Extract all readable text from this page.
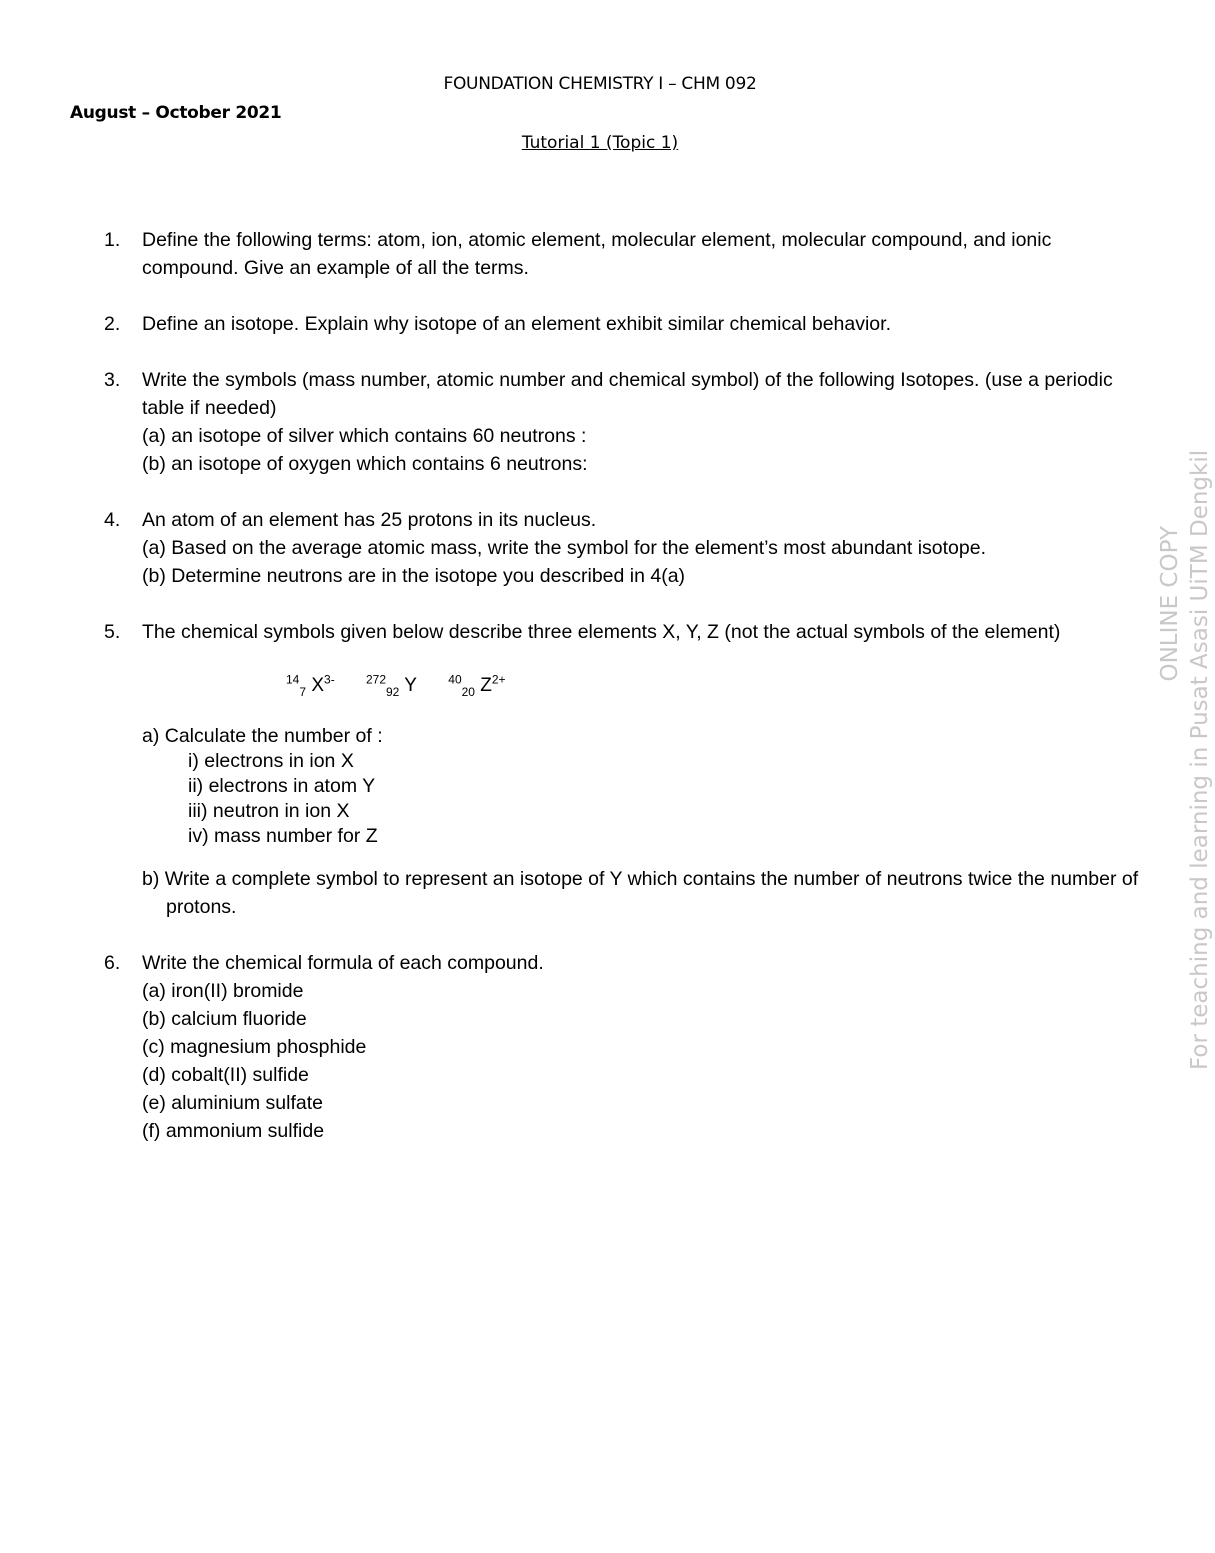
FOUNDATION CHEMISTRY I – CHM 092
August – October 2021
Tutorial 1 (Topic 1)
1. Define the following terms: atom, ion, atomic element, molecular element, molecular compound, and ionic compound. Give an example of all the terms.
2. Define an isotope. Explain why isotope of an element exhibit similar chemical behavior.
3. Write the symbols (mass number, atomic number and chemical symbol) of the following Isotopes. (use a periodic table if needed)
(a) an isotope of silver which contains 60 neutrons :
(b) an isotope of oxygen which contains 6 neutrons:
4. An atom of an element has 25 protons in its nucleus.
(a) Based on the average atomic mass, write the symbol for the element’s most abundant isotope.
(b) Determine neutrons are in the isotope you described in 4(a)
5. The chemical symbols given below describe three elements X, Y, Z (not the actual symbols of the element)
$^{14}_7$ $X^{3-}$	$^{272}_{92}$ Y	$^{40}_{20}$ $Z^{2+}$
a) Calculate the number of :
i) electrons in ion X
ii) electrons in atom Y
iii) neutron in ion X
iv) mass number for Z
b) Write a complete symbol to represent an isotope of Y which contains the number of neutrons twice the number of protons.
6. Write the chemical formula of each compound.
(a) iron(II) bromide
(b) calcium fluoride
(c) magnesium phosphide
(d) cobalt(II) sulfide
(e) aluminium sulfate
(f) ammonium sulfide
ONLINE COPY For teaching and learning in Pusat Asasi UiTM Dengkil
